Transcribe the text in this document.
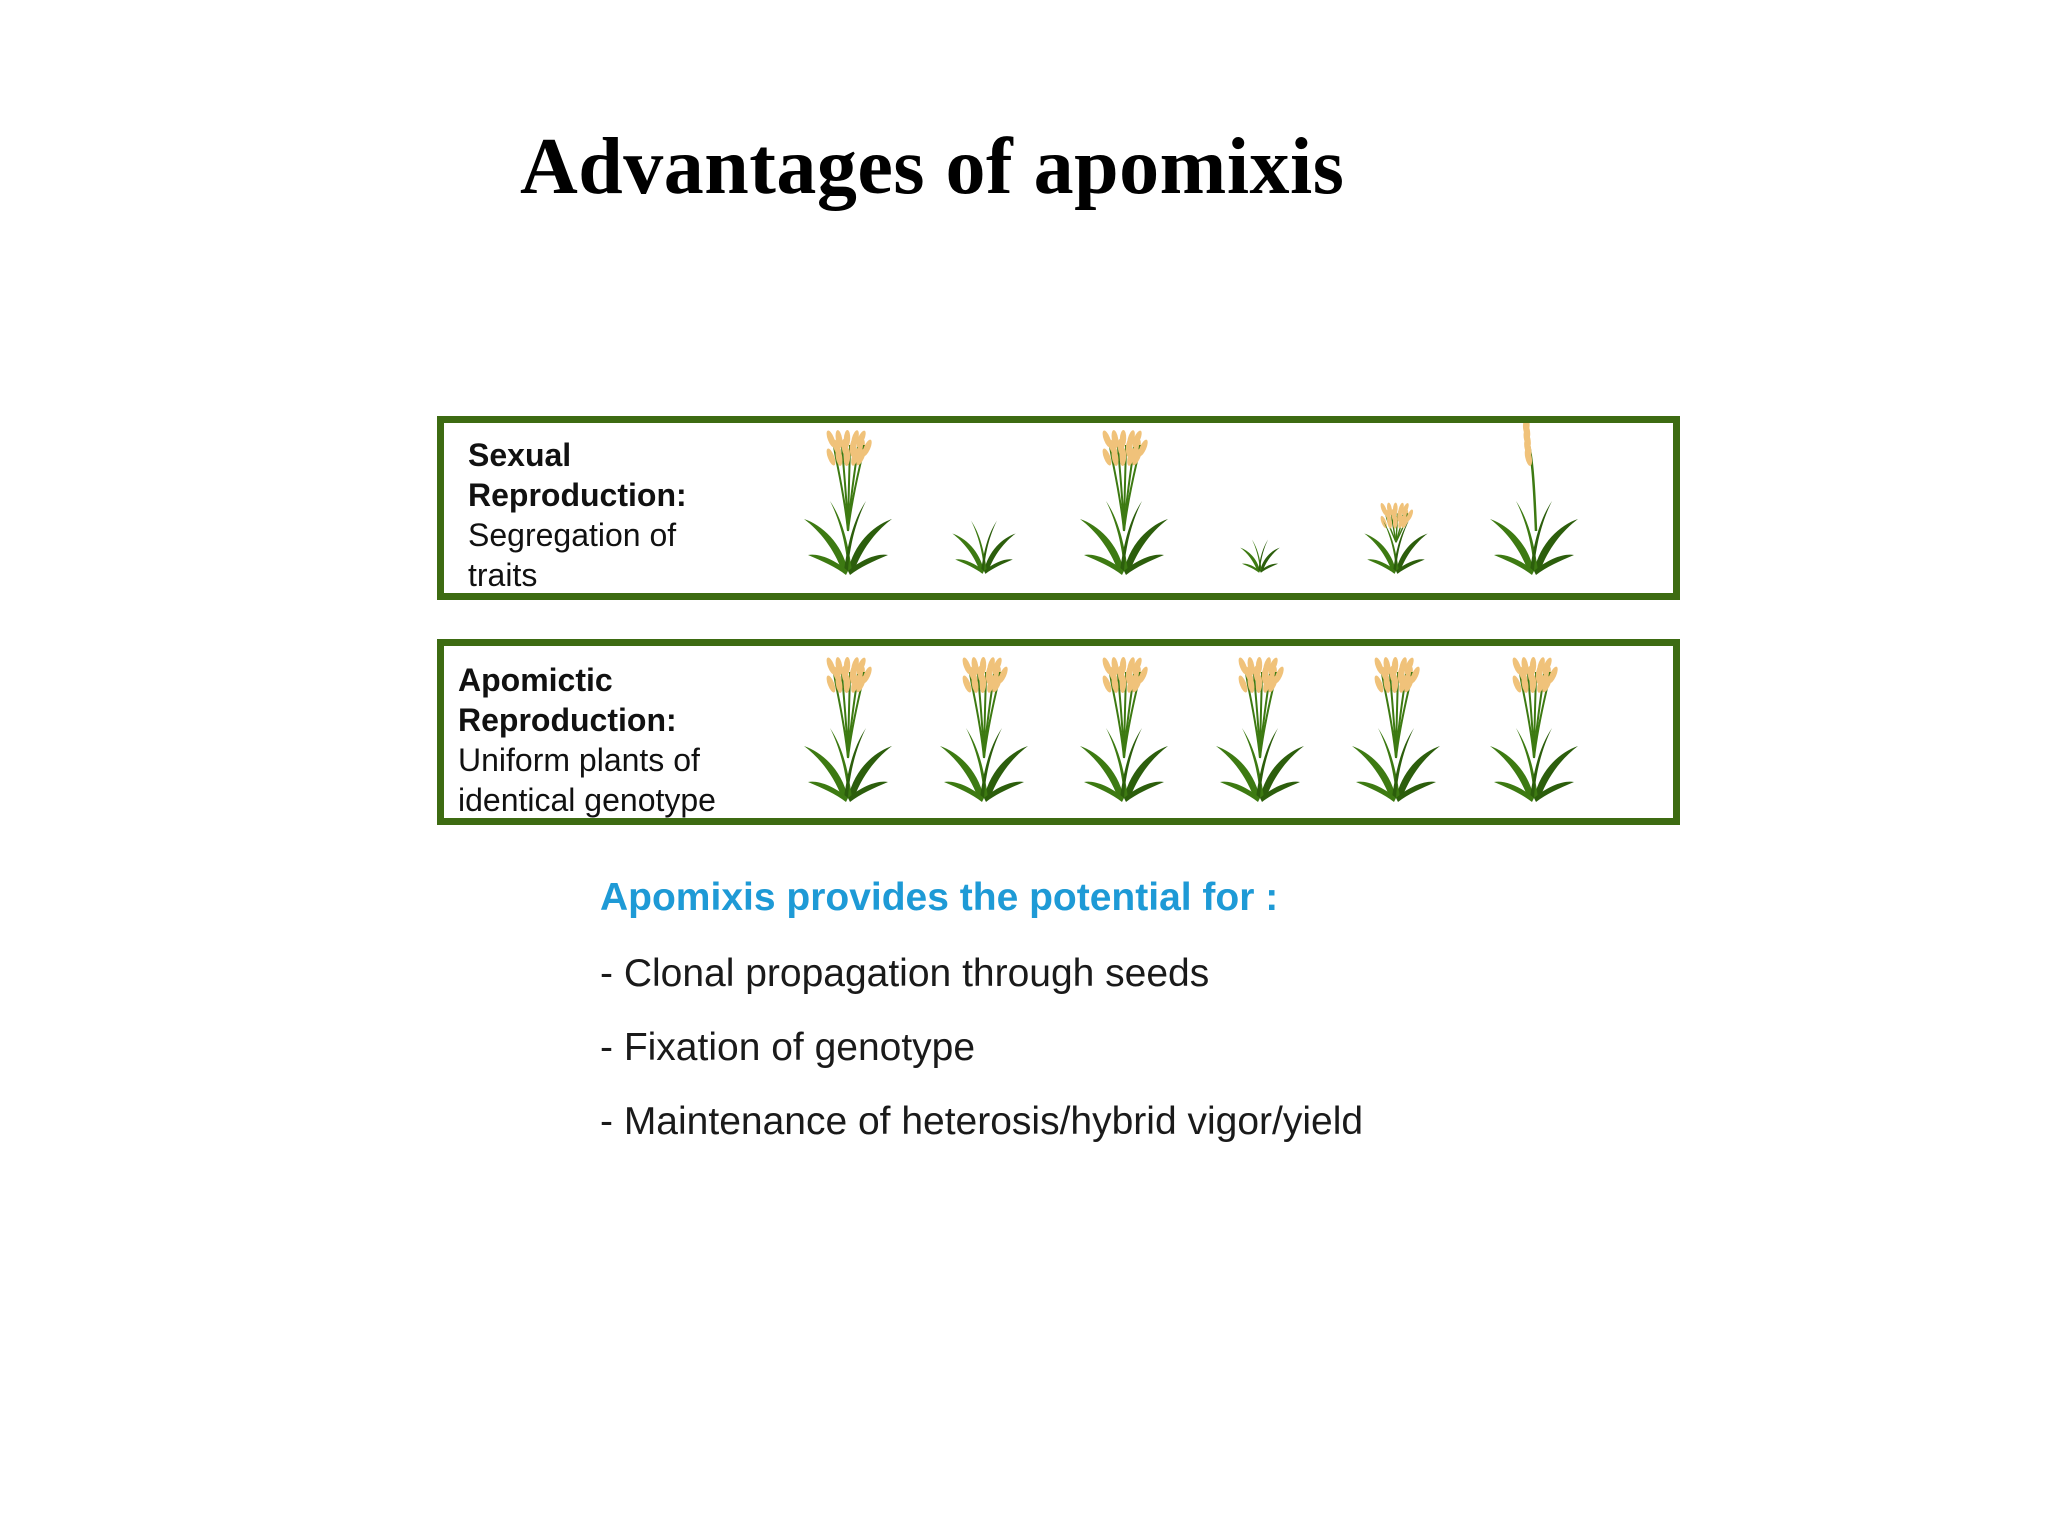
Advantages of apomixis
Sexual
Reproduction:
Segregation of
traits
Apomictic
Reproduction:
Uniform plants of
identical genotype
Apomixis provides the potential for :
- Clonal propagation through seeds
- Fixation of genotype
- Maintenance of heterosis/hybrid vigor/yield
